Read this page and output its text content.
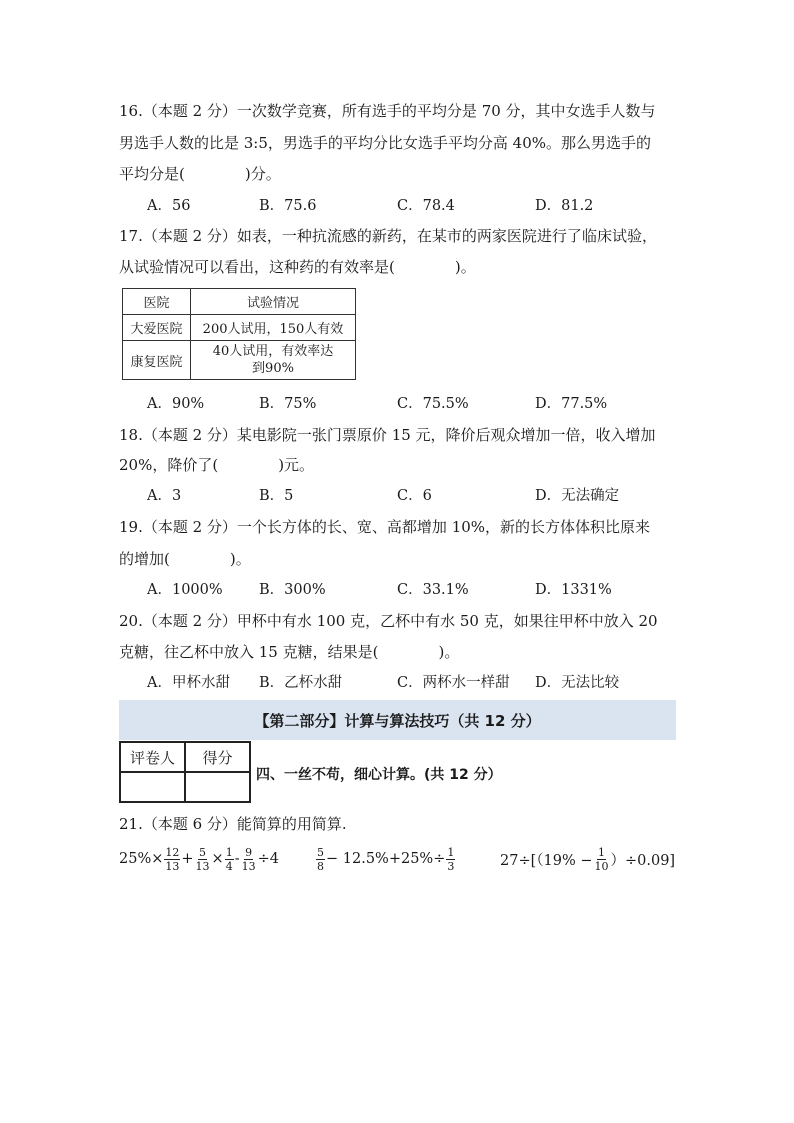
16.（本题 2 分）一次数学竞赛，所有选手的平均分是 70 分，其中女选手人数与
男选手人数的比是 3:5，男选手的平均分比女选手平均分高 40%。那么男选手的
平均分是(　　　　)分。
A．56	B．75.6	C．78.4	D．81.2
17.（本题 2 分）如表，一种抗流感的新药，在某市的两家医院进行了临床试验，
从试验情况可以看出，这种药的有效率是(　　　　)。
医院	试验情况
大爱医院	200人试用，150人有效
康复医院	40人试用，有效率达
到90%
A．90%	B．75%	C．75.5%	D．77.5%
18.（本题 2 分）某电影院一张门票原价 15 元，降价后观众增加一倍，收入增加
20%，降价了(　　　　)元。
A．3	B．5	C．6	D．无法确定
19.（本题 2 分）一个长方体的长、宽、高都增加 10%，新的长方体体积比原来
的增加(　　　　)。
A．1000%	B．300%	C．33.1%	D．1331%
20.（本题 2 分）甲杯中有水 100 克，乙杯中有水 50 克，如果往甲杯中放入 20
克糖，往乙杯中放入 15 克糖，结果是(　　　　)。
A．甲杯水甜 B．乙杯水甜	C．两杯水一样甜 D．无法比较
【第二部分】计算与算法技巧（共 12 分）
评卷人	得分

四、一丝不苟，细心计算。(共 12 分）
21.（本题 6 分）能简算的用简算.
$25\%\times \frac{12}{13} + \frac{5}{13} \times \frac{1}{4} - \frac{9}{13} \div 4$	$\frac{5}{8} - 12.5\%+25\%\div \frac{1}{3}$	$27\div[(19\% - \frac{1}{10} )\div 0.09]$
